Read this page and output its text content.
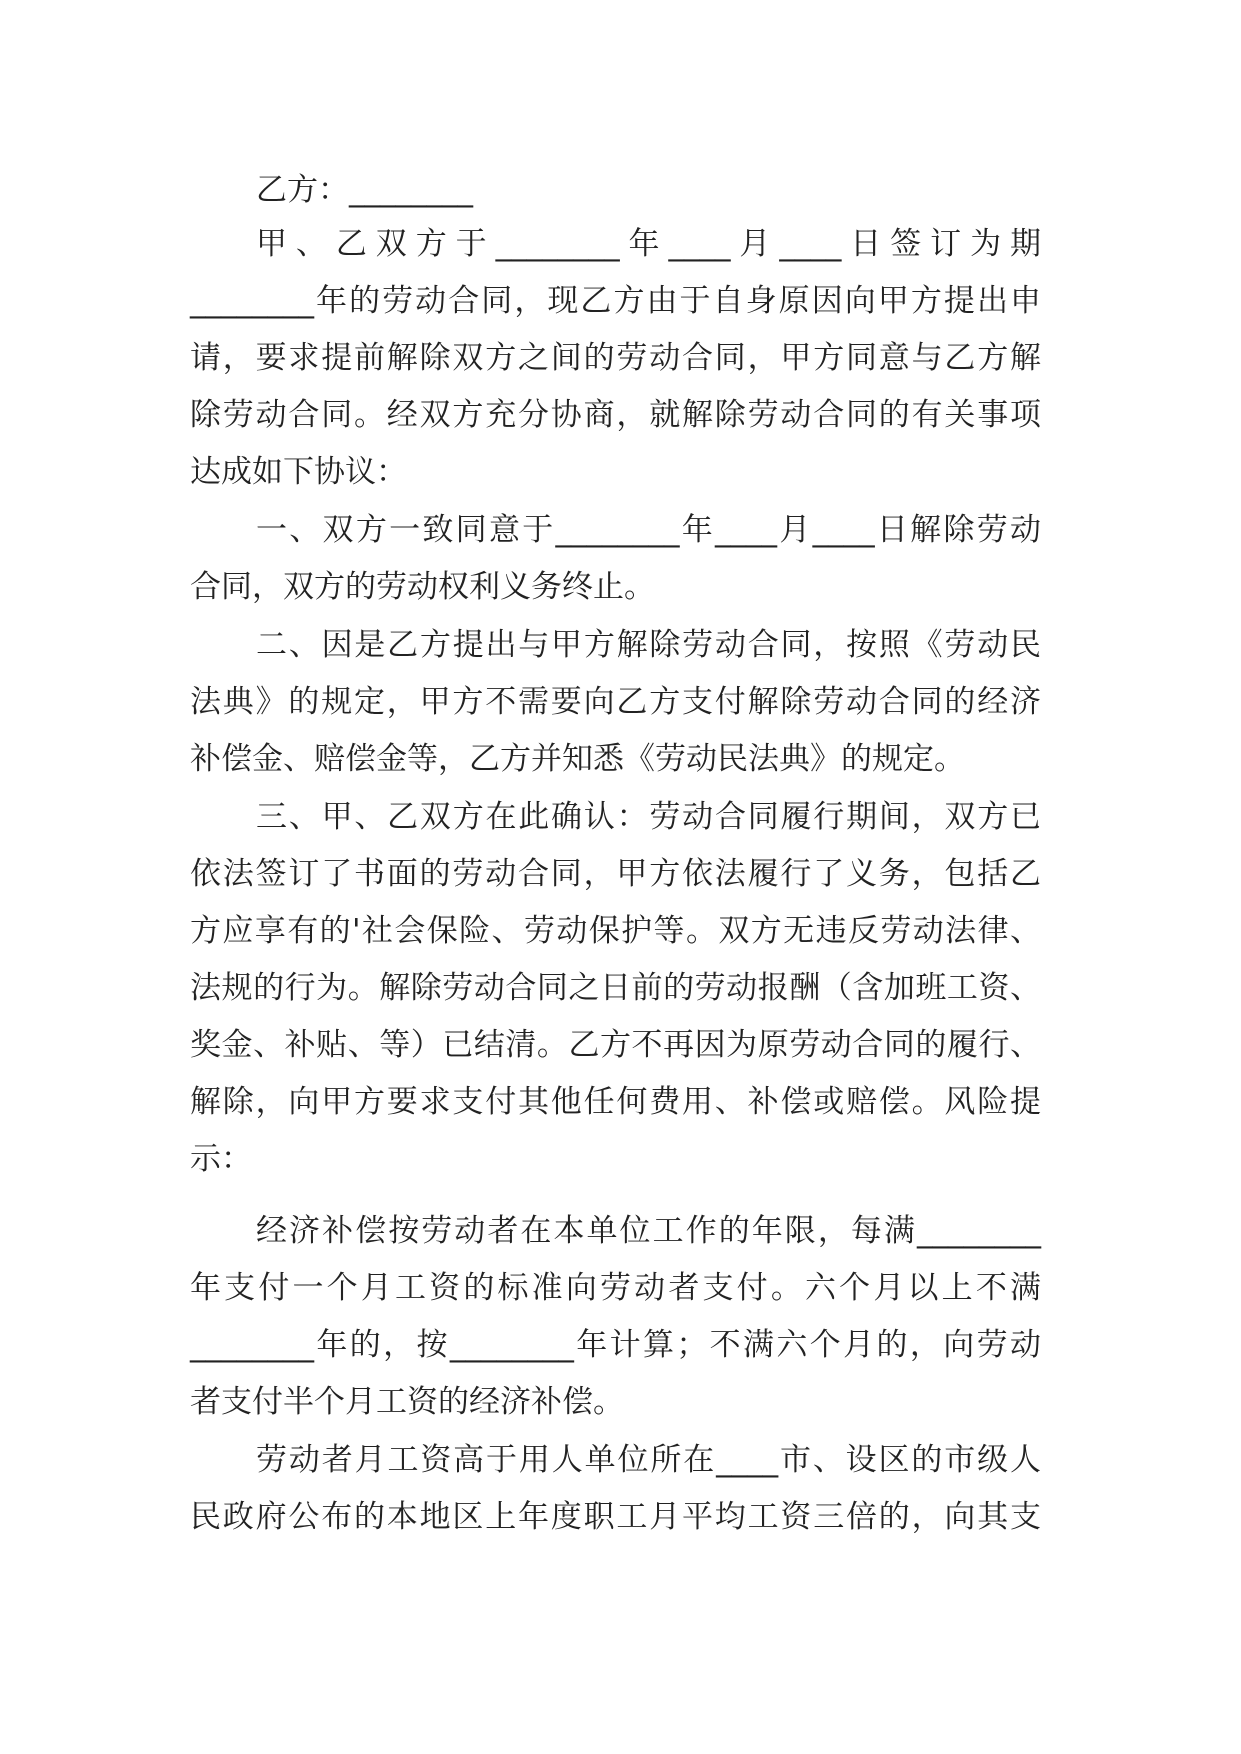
乙方：________

甲、乙双方于________年____月____日签订为期

________年的劳动合同，现乙方由于自身原因向甲方提出申

请，要求提前解除双方之间的劳动合同，甲方同意与乙方解

除劳动合同。经双方充分协商，就解除劳动合同的有关事项

达成如下协议：

一、双方一致同意于________年____月____日解除劳动

合同，双方的劳动权利义务终止。

二、因是乙方提出与甲方解除劳动合同，按照《劳动民

法典》的规定，甲方不需要向乙方支付解除劳动合同的经济

补偿金、赔偿金等，乙方并知悉《劳动民法典》的规定。

三、甲、乙双方在此确认：劳动合同履行期间，双方已

依法签订了书面的劳动合同，甲方依法履行了义务，包括乙

方应享有的'社会保险、劳动保护等。双方无违反劳动法律、

法规的行为。解除劳动合同之日前的劳动报酬（含加班工资、

奖金、补贴、等）已结清。乙方不再因为原劳动合同的履行、

解除，向甲方要求支付其他任何费用、补偿或赔偿。风险提

示：

经济补偿按劳动者在本单位工作的年限，每满________

年支付一个月工资的标准向劳动者支付。六个月以上不满

________年的，按________年计算；不满六个月的，向劳动

者支付半个月工资的经济补偿。

劳动者月工资高于用人单位所在____市、设区的市级人

民政府公布的本地区上年度职工月平均工资三倍的，向其支
